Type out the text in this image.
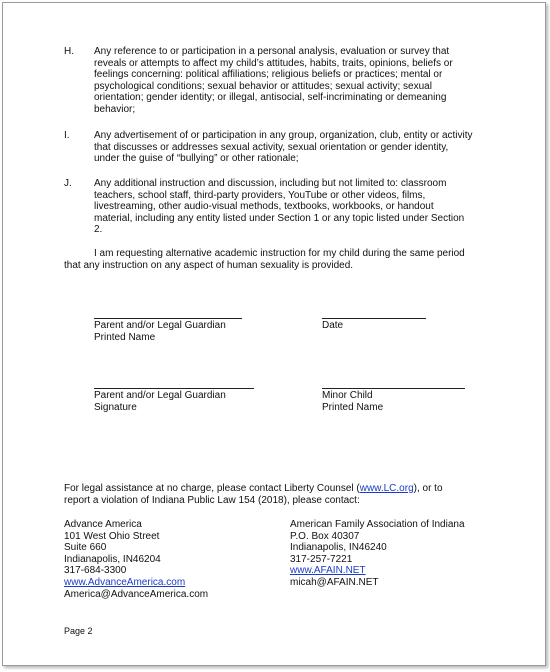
H. Any reference to or participation in a personal analysis, evaluation or survey that
reveals or attempts to affect my child’s attitudes, habits, traits, opinions, beliefs or
feelings concerning: political affiliations; religious beliefs or practices; mental or
psychological conditions; sexual behavior or attitudes; sexual activity; sexual
orientation; gender identity; or illegal, antisocial, self-incriminating or demeaning
behavior;
I. Any advertisement of or participation in any group, organization, club, entity or activity
that discusses or addresses sexual activity, sexual orientation or gender identity,
under the guise of “bullying” or other rationale;
J. Any additional instruction and discussion, including but not limited to: classroom
teachers, school staff, third-party providers, YouTube or other videos, films,
livestreaming, other audio-visual methods, textbooks, workbooks, or handout
material, including any entity listed under Section 1 or any topic listed under Section
2.
I am requesting alternative academic instruction for my child during the same period
that any instruction on any aspect of human sexuality is provided.
Parent and/or Legal Guardian
Printed Name
Date
Parent and/or Legal Guardian
Signature
Minor Child
Printed Name
For legal assistance at no charge, please contact Liberty Counsel (www.LC.org), or to
report a violation of Indiana Public Law 154 (2018), please contact:
Advance America
101 West Ohio Street
Suite 660
Indianapolis, IN46204
317-684-3300
www.AdvanceAmerica.com
America@AdvanceAmerica.com
American Family Association of Indiana
P.O. Box 40307
Indianapolis, IN46240
317-257-7221
www.AFAIN.NET
micah@AFAIN.NET
Page 2
